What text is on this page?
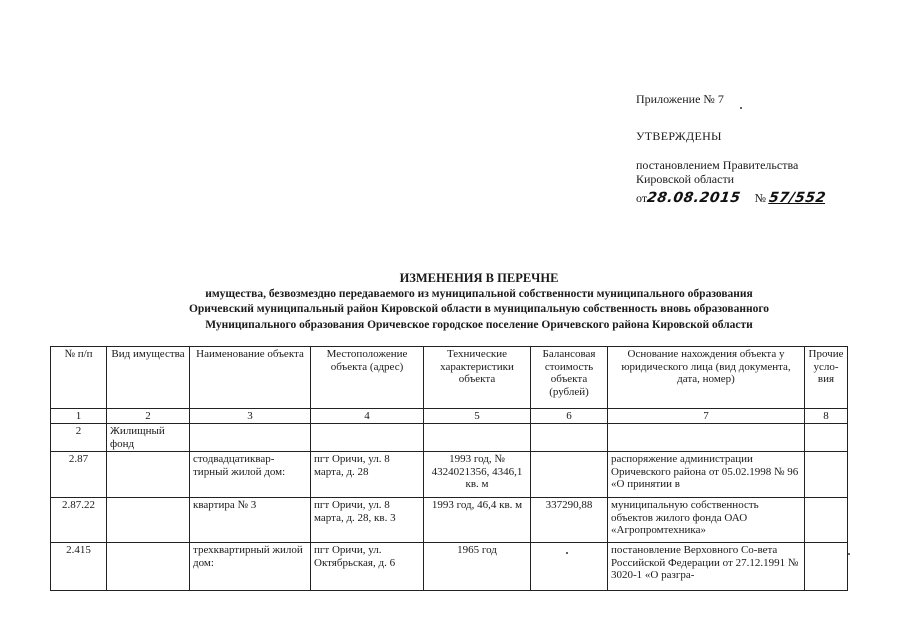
Приложение № 7
УТВЕРЖДЕНЫ
постановлением Правительства
Кировской области
от28.08.2015 № 57/552
ИЗМЕНЕНИЯ В ПЕРЕЧНЕ
имущества, безвозмездно передаваемого из муниципальной собственности муниципального образования
Оричевский муниципальный район Кировской области в муниципальную собственность вновь образованного
Муниципального образования Оричевское городское поселение Оричевского района Кировской области
№ п/п	Вид имущества	Наименование объекта	Местоположение объекта (адрес)	Технические характеристики объекта	Балансовая стоимость объекта (рублей)	Основание нахождения объекта у юридического лица (вид документа, дата, номер)	Прочие усло- вия
1	2	3	4	5	6	7	8
2	Жилищный фонд						
2.87		стодвадцатиквар-тирный жилой дом:	пгт Оричи, ул. 8 марта, д. 28	1993 год, № 4324021356, 4346,1 кв. м		распоряжение администрации Оричевского района от 05.02.1998 № 96 «О принятии в	
2.87.22		квартира № 3	пгт Оричи, ул. 8 марта, д. 28, кв. 3	1993 год, 46,4 кв. м	337290,88	муниципальную собственность объектов жилого фонда ОАО «Агропромтехника»	
2.415		трехквартирный жилой дом:	пгт Оричи, ул. Октябрьская, д. 6	1965 год		постановление Верховного Со-вета Российской Федерации от 27.12.1991 № 3020-1 «О разгра-	
